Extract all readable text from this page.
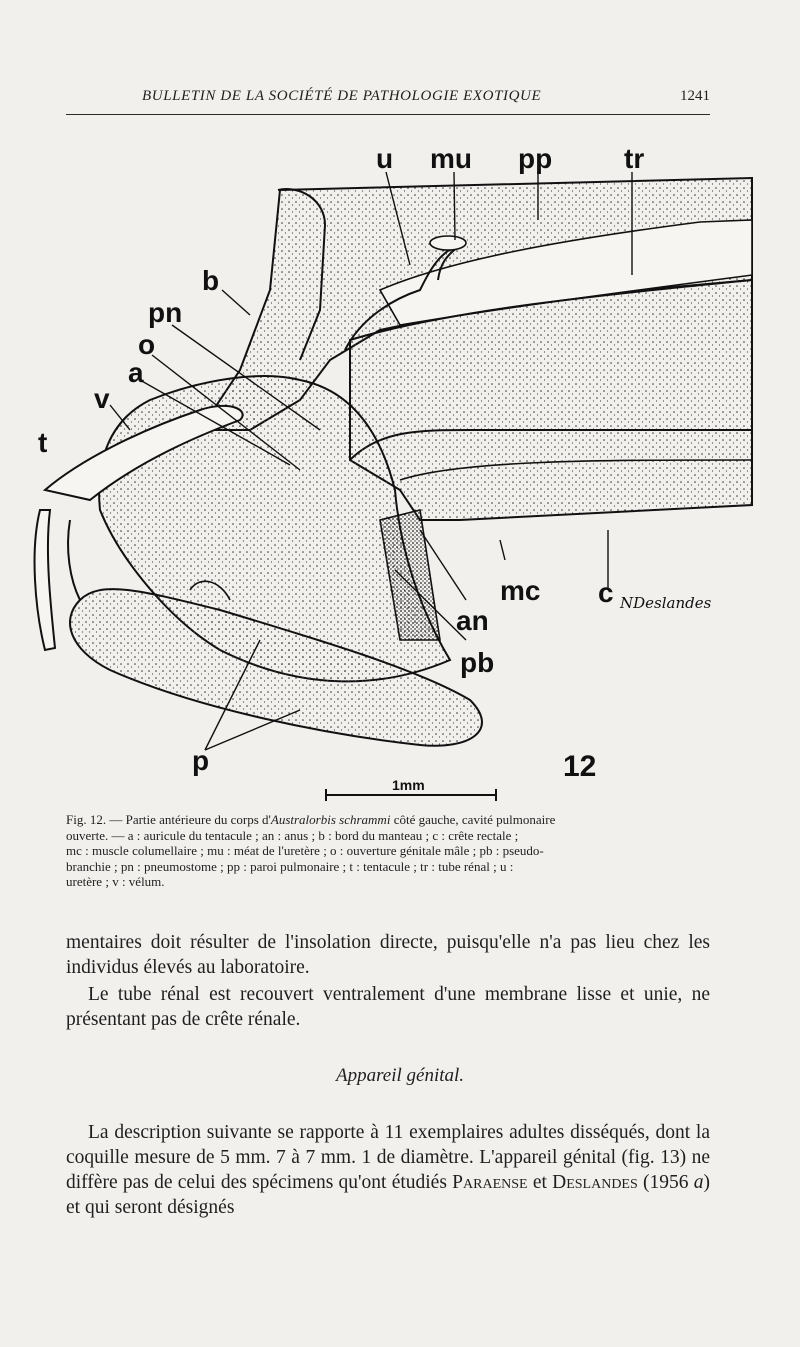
BULLETIN DE LA SOCIÉTÉ DE PATHOLOGIE EXOTIQUE	1241
u mu pp	tr
b
pn
o
a
v
t
mc c
an
pb
p	12
NDeslandes
1mm
Fig. 12. — Partie antérieure du corps d'Australorbis schrammi côté gauche, cavité pulmonaire
ouverte. — a : auricule du tentacule ; an : anus ; b : bord du manteau ; c : crête rectale ;
mc : muscle columellaire ; mu : méat de l'uretère ; o : ouverture génitale mâle ; pb : pseudo-
branchie ; pn : pneumostome ; pp : paroi pulmonaire ; t : tentacule ; tr : tube rénal ; u :
uretère ; v : vélum.
mentaires doit résulter de l'insolation directe, puisqu'elle n'a pas lieu chez les individus élevés au laboratoire.
Le tube rénal est recouvert ventralement d'une membrane lisse et unie, ne présentant pas de crête rénale.
Appareil génital.
La description suivante se rapporte à 11 exemplaires adultes disséqués, dont la coquille mesure de 5 mm. 7 à 7 mm. 1 de diamètre. L'appareil génital (fig. 13) ne diffère pas de celui des spécimens qu'ont étudiés Paraense et Deslandes (1956 a) et qui seront désignés
